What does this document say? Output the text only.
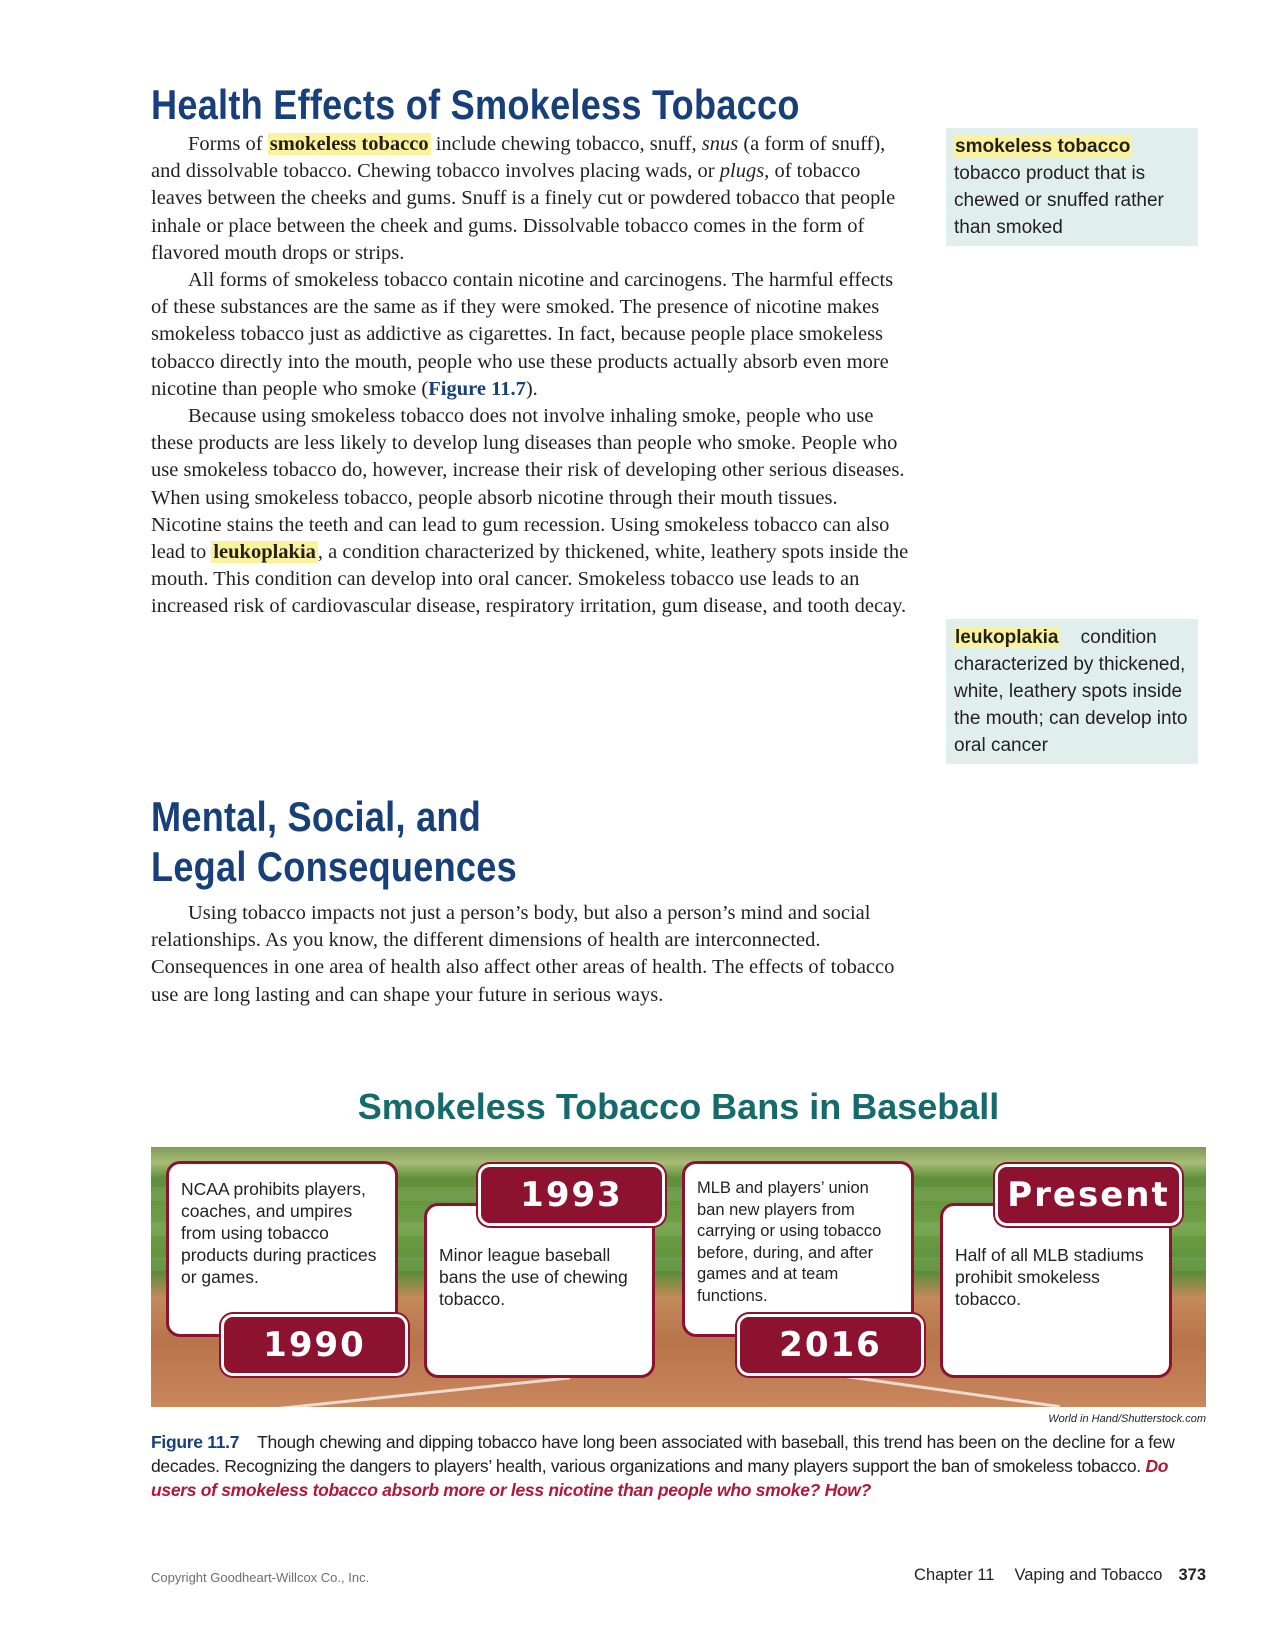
Health Effects of Smokeless Tobacco

Forms of smokeless tobacco include chewing tobacco, snuff, snus (a form of snuff), and dissolvable tobacco. Chewing tobacco involves placing wads, or plugs, of tobacco leaves between the cheeks and gums. Snuff is a finely cut or powdered tobacco that people inhale or place between the cheek and gums. Dissolvable tobacco comes in the form of flavored mouth drops or strips.

All forms of smokeless tobacco contain nicotine and carcinogens. The harmful effects of these substances are the same as if they were smoked. The presence of nicotine makes smokeless tobacco just as addictive as cigarettes. In fact, because people place smokeless tobacco directly into the mouth, people who use these products actually absorb even more nicotine than people who smoke (Figure 11.7).

Because using smokeless tobacco does not involve inhaling smoke, people who use these products are less likely to develop lung diseases than people who smoke. People who use smokeless tobacco do, however, increase their risk of developing other serious diseases. When using smokeless tobacco, people absorb nicotine through their mouth tissues. Nicotine stains the teeth and can lead to gum recession. Using smokeless tobacco can also lead to leukoplakia, a condition characterized by thickened, white, leathery spots inside the mouth. This condition can develop into oral cancer. Smokeless tobacco use leads to an increased risk of cardiovascular disease, respiratory irritation, gum disease, and tooth decay.

smokeless tobacco
tobacco product that is chewed or snuffed rather than smoked
leukoplakia condition characterized by thickened, white, leathery spots inside the mouth; can develop into oral cancer
Mental, Social, and
Legal Consequences

Using tobacco impacts not just a person’s body, but also a person’s mind and social relationships. As you know, the different dimensions of health are interconnected. Consequences in one area of health also affect other areas of health. The effects of tobacco use are long lasting and can shape your future in serious ways.

Smokeless Tobacco Bans in Baseball
NCAA prohibits players, coaches, and umpires from using tobacco products during practices or games.
1990
Minor league baseball bans the use of chewing tobacco.
1993	MLB and players’ union ban new players from carrying or using tobacco before, during, and after games and at team functions.
2016
Half of all MLB stadiums prohibit smokeless tobacco.
Present
World in Hand/Shutterstock.com
Figure 11.7 Though chewing and dipping tobacco have long been associated with baseball, this trend has been on the decline for a few decades. Recognizing the dangers to players’ health, various organizations and many players support the ban of smokeless tobacco. Do users of smokeless tobacco absorb more or less nicotine than people who smoke? How?
Copyright Goodheart-Willcox Co., Inc.	Chapter 11 Vaping and Tobacco 373
